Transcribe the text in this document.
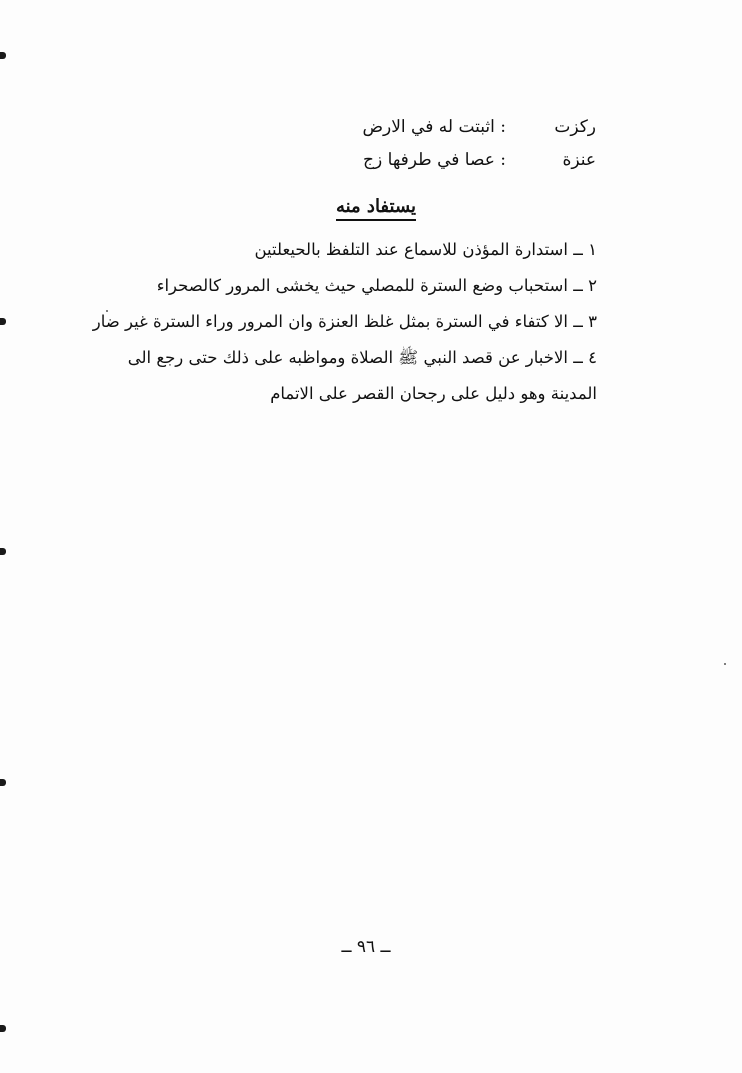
ركزت
: اثبتت له في الارض
عنزة
: عصا في طرفها زج
يستفاد منه
١ ــ استدارة المؤذن للاسماع عند التلفظ بالحيعلتين
٢ ــ استحباب وضع السترة للمصلي حيث يخشى المرور كالصحراء
٣ ــ الا كتفاء في السترة بمثل غلظ العنزة وان المرور وراء السترة غير ضار
٤ ــ الاخبار عن قصد النبي ﷺ الصلاة ومواظبه على ذلك حتى رجع الى
المدينة وهو دليل على رجحان القصر على الاتمام
ــ ٩٦ ــ
